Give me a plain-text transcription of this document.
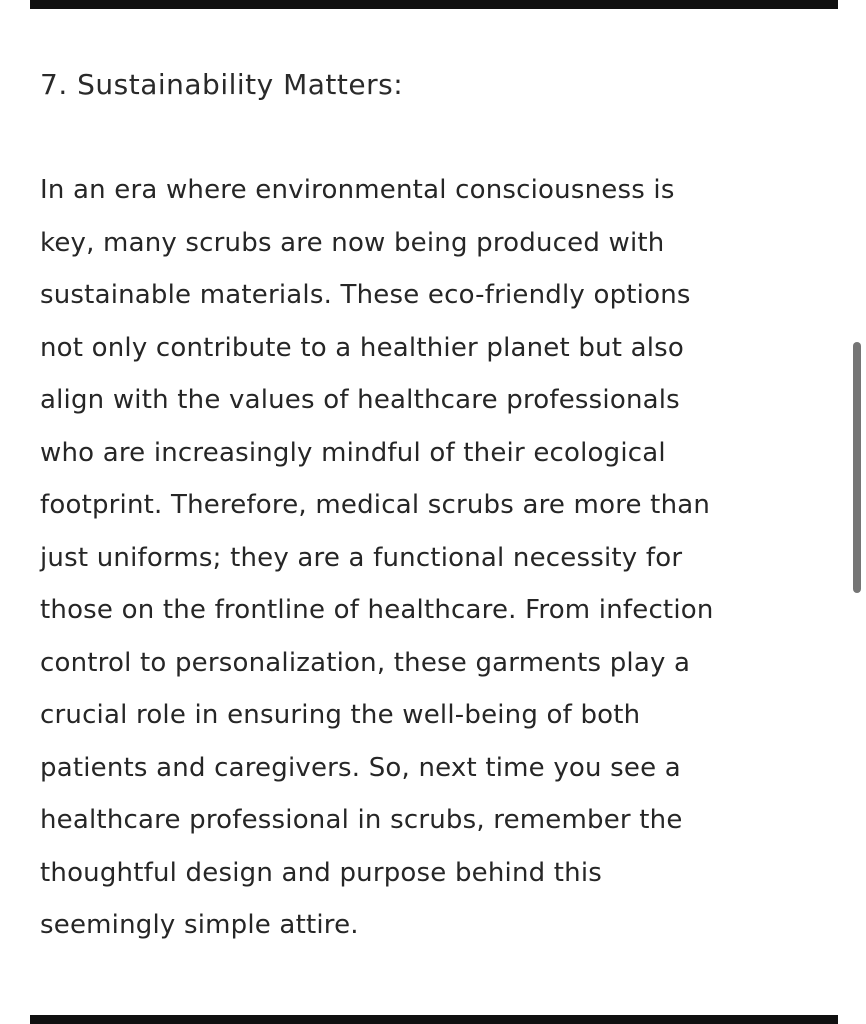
7. Sustainability Matters:
In an era where environmental consciousness is
key, many scrubs are now being produced with
sustainable materials. These eco-friendly options
not only contribute to a healthier planet but also
align with the values of healthcare professionals
who are increasingly mindful of their ecological
footprint. Therefore, medical scrubs are more than
just uniforms; they are a functional necessity for
those on the frontline of healthcare. From infection
control to personalization, these garments play a
crucial role in ensuring the well-being of both
patients and caregivers. So, next time you see a
healthcare professional in scrubs, remember the
thoughtful design and purpose behind this
seemingly simple attire.
